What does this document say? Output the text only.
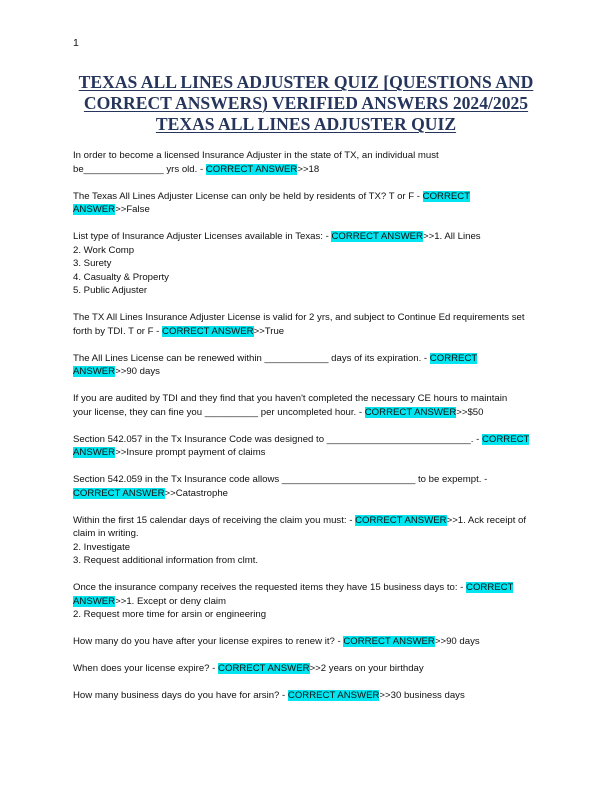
1
TEXAS ALL LINES ADJUSTER QUIZ [QUESTIONS AND CORRECT ANSWERS) VERIFIED ANSWERS 2024/2025 TEXAS ALL LINES ADJUSTER QUIZ
In order to become a licensed Insurance Adjuster in the state of TX, an individual must
be_______________ yrs old. - CORRECT ANSWER>>18
The Texas All Lines Adjuster License can only be held by residents of TX? T or F - CORRECT
ANSWER>>False
List type of Insurance Adjuster Licenses available in Texas: - CORRECT ANSWER>>1. All Lines
2. Work Comp
3. Surety
4. Casualty & Property
5. Public Adjuster
The TX All Lines Insurance Adjuster License is valid for 2 yrs, and subject to Continue Ed requirements set
forth by TDI. T or F - CORRECT ANSWER>>True
The All Lines License can be renewed within ____________ days of its expiration. - CORRECT
ANSWER>>90 days
If you are audited by TDI and they find that you haven't completed the necessary CE hours to maintain
your license, they can fine you __________ per uncompleted hour. - CORRECT ANSWER>>$50
Section 542.057 in the Tx Insurance Code was designed to ___________________________. - CORRECT
ANSWER>>Insure prompt payment of claims
Section 542.059 in the Tx Insurance code allows _________________________ to be expempt. -
CORRECT ANSWER>>Catastrophe
Within the first 15 calendar days of receiving the claim you must: - CORRECT ANSWER>>1. Ack receipt of
claim in writing.
2. Investigate
3. Request additional information from clmt.
Once the insurance company receives the requested items they have 15 business days to: - CORRECT
ANSWER>>1. Except or deny claim
2. Request more time for arsin or engineering
How many do you have after your license expires to renew it? - CORRECT ANSWER>>90 days
When does your license expire? - CORRECT ANSWER>>2 years on your birthday
How many business days do you have for arsin? - CORRECT ANSWER>>30 business days
